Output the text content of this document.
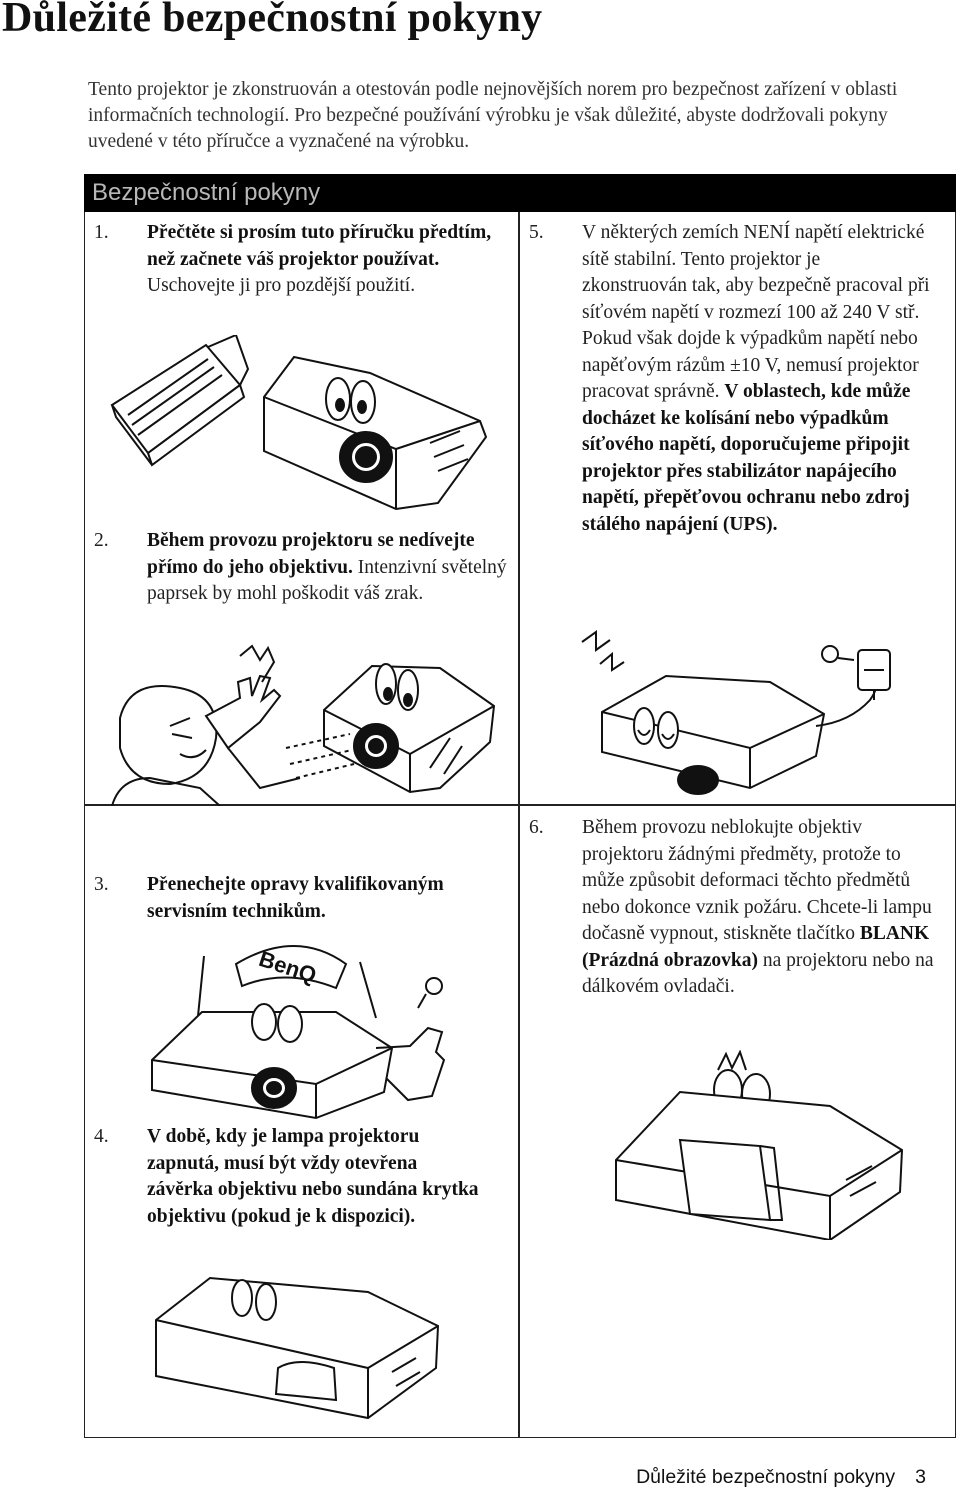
Důležité bezpečnostní pokyny
Tento projektor je zkonstruován a otestován podle nejnovějších norem pro bezpečnost zařízení v oblasti informačních technologií. Pro bezpečné používání výrobku je však důležité, abyste dodržovali pokyny uvedené v této příručce a vyznačené na výrobku.
Bezpečnostní pokyny
1. Přečtěte si prosím tuto příručku předtím, než začnete váš projektor používat. Uschovejte ji pro pozdější použití.
2. Během provozu projektoru se nedívejte přímo do jeho objektivu. Intenzivní světelný paprsek by mohl poškodit váš zrak.
3. Přenechejte opravy kvalifikovaným servisním technikům.
BenQ
4. V době, kdy je lampa projektoru zapnutá, musí být vždy otevřena závěrka objektivu nebo sundána krytka objektivu (pokud je k dispozici).
5. V některých zemích NENÍ napětí elektrické sítě stabilní. Tento projektor je zkonstruován tak, aby bezpečně pracoval při síťovém napětí v rozmezí 100 až 240 V stř. Pokud však dojde k výpadkům napětí nebo napěťovým rázům ±10 V, nemusí projektor pracovat správně. V oblastech, kde může docházet ke kolísání nebo výpadkům síťového napětí, doporučujeme připojit projektor přes stabilizátor napájecího napětí, přepěťovou ochranu nebo zdroj stálého napájení (UPS).
6. Během provozu neblokujte objektiv projektoru žádnými předměty, protože to může způsobit deformaci těchto předmětů nebo dokonce vznik požáru. Chcete-li lampu dočasně vypnout, stiskněte tlačítko BLANK (Prázdná obrazovka) na projektoru nebo na dálkovém ovladači.
Důležité bezpečnostní pokyny 3
